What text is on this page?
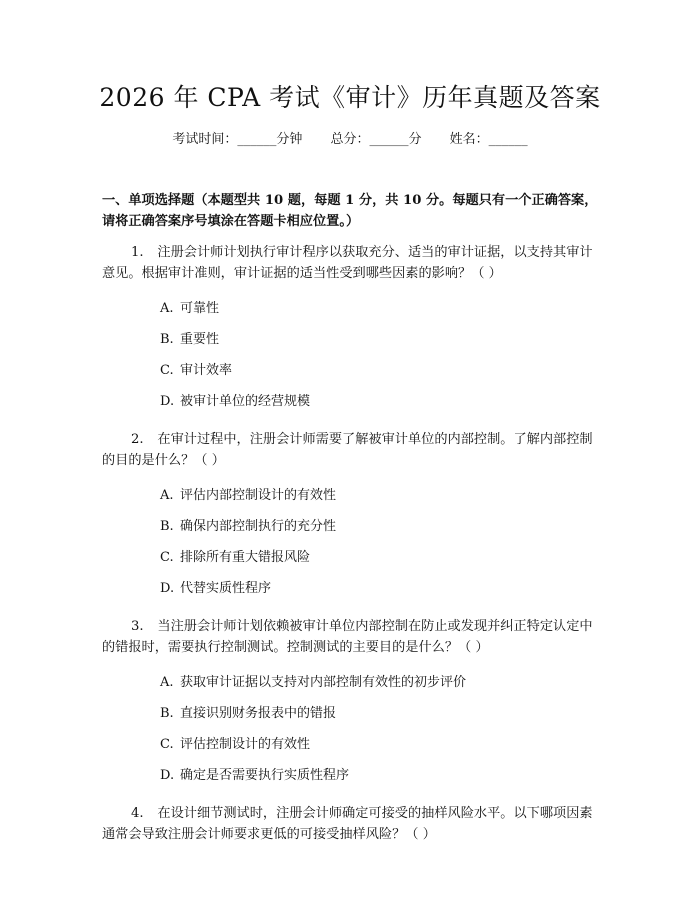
2026 年 CPA 考试《审计》历年真题及答案
考试时间：______分钟 总分：______分 姓名：______

一、单项选择题（本题型共 10 题，每题 1 分，共 10 分。每题只有一个正确答案，请将正确答案序号填涂在答题卡相应位置。）

1. 注册会计师计划执行审计程序以获取充分、适当的审计证据，以支持其审计意见。根据审计准则，审计证据的适当性受到哪些因素的影响？（ ）

A. 可靠性
B. 重要性
C. 审计效率
D. 被审计单位的经营规模

2. 在审计过程中，注册会计师需要了解被审计单位的内部控制。了解内部控制的目的是什么？（ ）

A. 评估内部控制设计的有效性
B. 确保内部控制执行的充分性
C. 排除所有重大错报风险
D. 代替实质性程序

3. 当注册会计师计划依赖被审计单位内部控制在防止或发现并纠正特定认定中的错报时，需要执行控制测试。控制测试的主要目的是什么？（ ）

A. 获取审计证据以支持对内部控制有效性的初步评价
B. 直接识别财务报表中的错报
C. 评估控制设计的有效性
D. 确定是否需要执行实质性程序

4. 在设计细节测试时，注册会计师确定可接受的抽样风险水平。以下哪项因素通常会导致注册会计师要求更低的可接受抽样风险？（ ）
